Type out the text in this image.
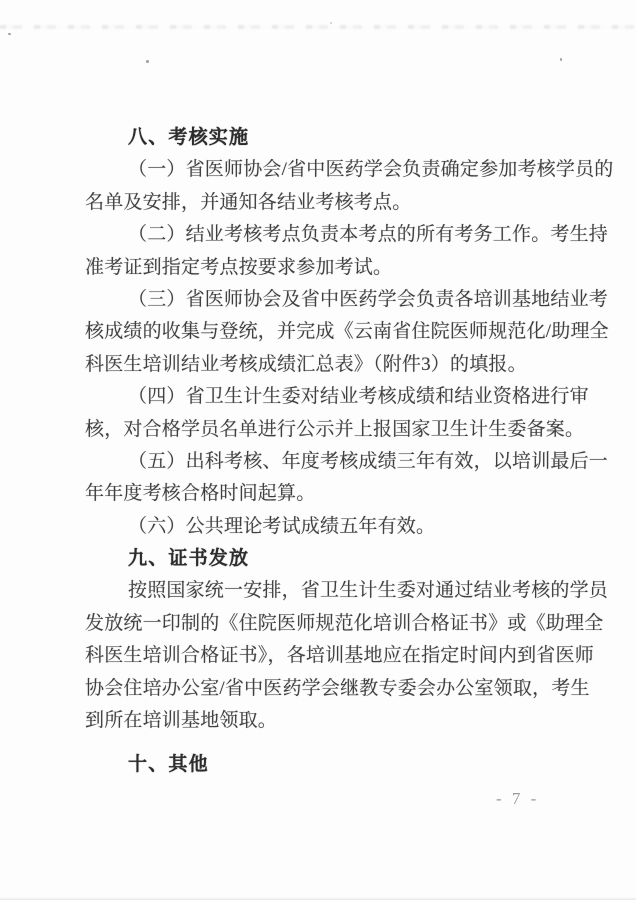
八、考核实施
（一）省医师协会/省中医药学会负责确定参加考核学员的
名单及安排，并通知各结业考核考点。
（二）结业考核考点负责本考点的所有考务工作。考生持
准考证到指定考点按要求参加考试。
（三）省医师协会及省中医药学会负责各培训基地结业考
核成绩的收集与登统，并完成《云南省住院医师规范化/助理全
科医生培训结业考核成绩汇总表》（附件3）的填报。
（四）省卫生计生委对结业考核成绩和结业资格进行审
核，对合格学员名单进行公示并上报国家卫生计生委备案。
（五）出科考核、年度考核成绩三年有效，以培训最后一
年年度考核合格时间起算。
（六）公共理论考试成绩五年有效。
九、证书发放
按照国家统一安排，省卫生计生委对通过结业考核的学员
发放统一印制的《住院医师规范化培训合格证书》或《助理全
科医生培训合格证书》，各培训基地应在指定时间内到省医师
协会住培办公室/省中医药学会继教专委会办公室领取，考生
到所在培训基地领取。
十、其他
- 7 -
